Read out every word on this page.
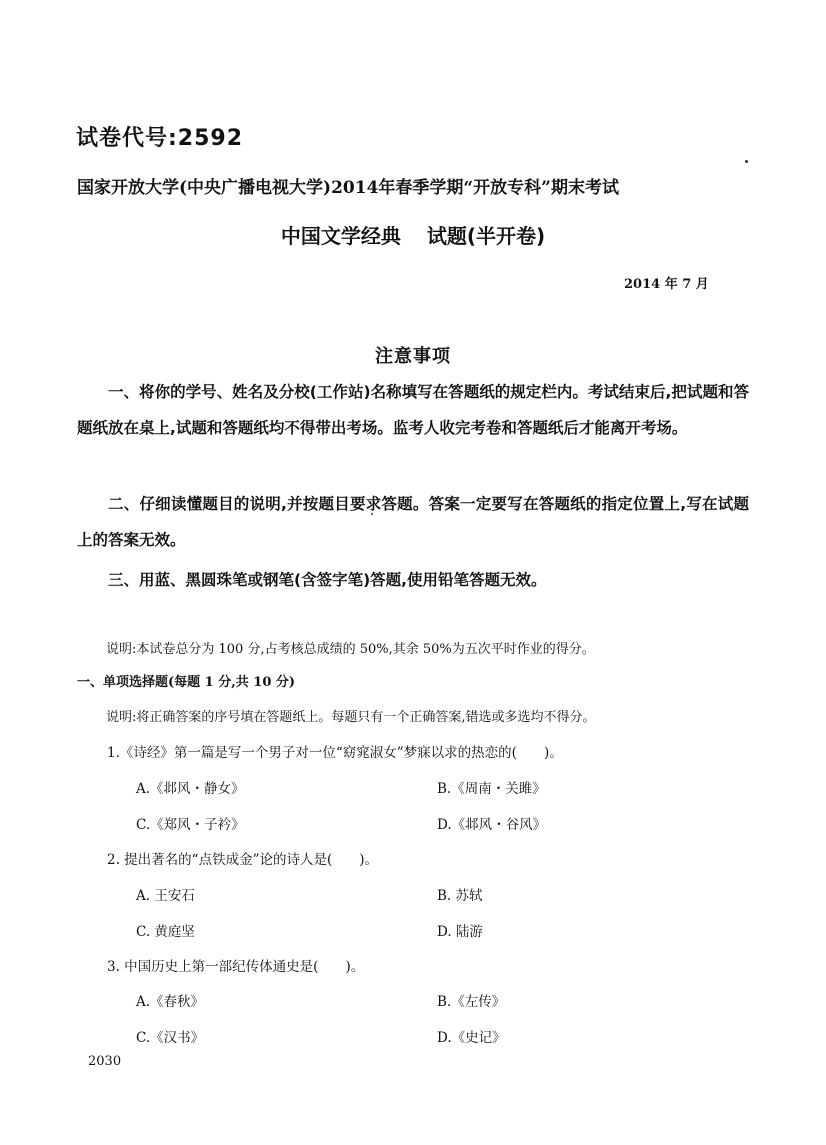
试卷代号:2592
国家开放大学(中央广播电视大学)2014年春季学期“开放专科”期末考试
中国文学经典 试题(半开卷)
2014 年 7 月
注意事项
一、将你的学号、姓名及分校(工作站)名称填写在答题纸的规定栏内。考试结束后,把试题和答题纸放在桌上,试题和答题纸均不得带出考场。监考人收完考卷和答题纸后才能离开考场。
二、仔细读懂题目的说明,并按题目要求答题。答案一定要写在答题纸的指定位置上,写在试题上的答案无效。
三、用蓝、黑圆珠笔或钢笔(含签字笔)答题,使用铅笔答题无效。
说明:本试卷总分为 100 分,占考核总成绩的 50%,其余 50%为五次平时作业的得分。
一、单项选择题(每题 1 分,共 10 分)
说明:将正确答案的序号填在答题纸上。每题只有一个正确答案,错选或多选均不得分。
1.《诗经》第一篇是写一个男子对一位“窈窕淑女”梦寐以求的热恋的(　　)。
A.《邶风・静女》	B.《周南・关雎》
C.《郑风・子衿》	D.《邶风・谷风》
2. 提出著名的“点铁成金”论的诗人是(　　)。
A. 王安石	B. 苏轼
C. 黄庭坚	D. 陆游
3. 中国历史上第一部纪传体通史是(　　)。
A.《春秋》	B.《左传》
C.《汉书》	D.《史记》
2030
